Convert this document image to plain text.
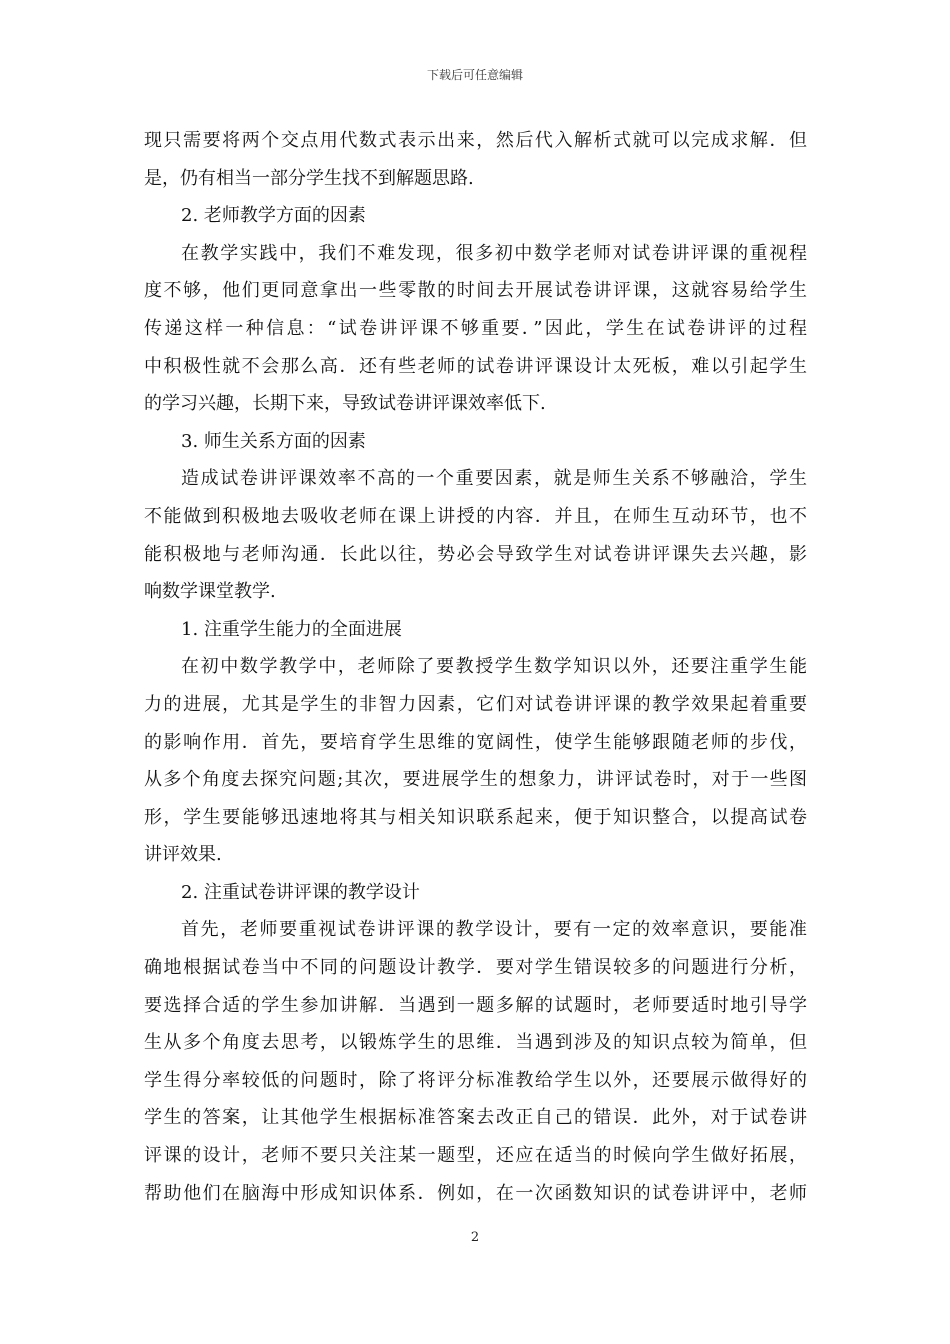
下载后可任意编辑
现只需要将两个交点用代数式表示出来，然后代入解析式就可以完成求解．但
是，仍有相当一部分学生找不到解题思路.
2. 老师教学方面的因素
在教学实践中，我们不难发现，很多初中数学老师对试卷讲评课的重视程
度不够，他们更同意拿出一些零散的时间去开展试卷讲评课，这就容易给学生
传递这样一种信息：“试卷讲评课不够重要．”因此，学生在试卷讲评的过程
中积极性就不会那么高．还有些老师的试卷讲评课设计太死板，难以引起学生
的学习兴趣，长期下来，导致试卷讲评课效率低下.
3. 师生关系方面的因素
造成试卷讲评课效率不高的一个重要因素，就是师生关系不够融洽，学生
不能做到积极地去吸收老师在课上讲授的内容．并且，在师生互动环节，也不
能积极地与老师沟通．长此以往，势必会导致学生对试卷讲评课失去兴趣，影
响数学课堂教学.
1. 注重学生能力的全面进展
在初中数学教学中，老师除了要教授学生数学知识以外，还要注重学生能
力的进展，尤其是学生的非智力因素，它们对试卷讲评课的教学效果起着重要
的影响作用．首先，要培育学生思维的宽阔性，使学生能够跟随老师的步伐，
从多个角度去探究问题;其次，要进展学生的想象力，讲评试卷时，对于一些图
形，学生要能够迅速地将其与相关知识联系起来，便于知识整合，以提高试卷
讲评效果.
2. 注重试卷讲评课的教学设计
首先，老师要重视试卷讲评课的教学设计，要有一定的效率意识，要能准
确地根据试卷当中不同的问题设计教学．要对学生错误较多的问题进行分析，
要选择合适的学生参加讲解．当遇到一题多解的试题时，老师要适时地引导学
生从多个角度去思考，以锻炼学生的思维．当遇到涉及的知识点较为简单，但
学生得分率较低的问题时，除了将评分标准教给学生以外，还要展示做得好的
学生的答案，让其他学生根据标准答案去改正自己的错误．此外，对于试卷讲
评课的设计，老师不要只关注某一题型，还应在适当的时候向学生做好拓展，
帮助他们在脑海中形成知识体系．例如，在一次函数知识的试卷讲评中，老师
2
